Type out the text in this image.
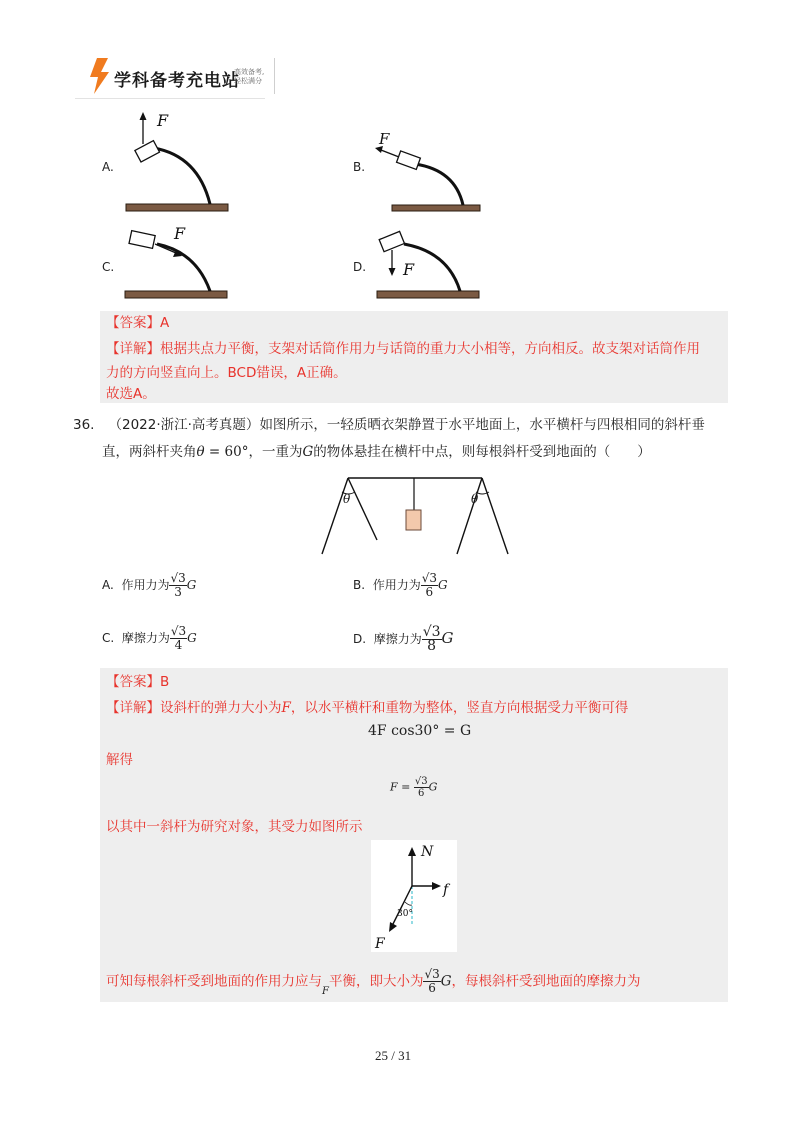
学科备考充电站
高效备考,
轻松满分
A.
F
B.
F
C.
F
D. F
【答案】A
【详解】根据共点力平衡，支架对话筒作用力与话筒的重力大小相等，方向相反。故支架对话筒作用
力的方向竖直向上。BCD错误，A正确。
故选A。
36. （2022·浙江·高考真题）如图所示，一轻质晒衣架静置于水平地面上，水平横杆与四根相同的斜杆垂
直，两斜杆夹角θ = 60°，一重为G的物体悬挂在横杆中点，则每根斜杆受到地面的（　　）
θ	θ
A. 作用力为 $\frac{√3}{3}$ G	B. 作用力为 $\frac{√3}{6}$ G
C. 摩擦力为 $\frac{√3}{4}$ G	D. 摩擦力为 $\frac{√3}{8}$ G
【答案】B
【详解】设斜杆的弹力大小为F，以水平横杆和重物为整体，竖直方向根据受力平衡可得
4F cos30° = G
解得
$F = \frac{√3}{6}$ G
以其中一斜杆为研究对象，其受力如图所示
N
f
F
30°
可知每根斜杆受到地面的作用力应与$_F$平衡，即大小为 $\frac{√3}{6}$ G，每根斜杆受到地面的摩擦力为
25 / 31
